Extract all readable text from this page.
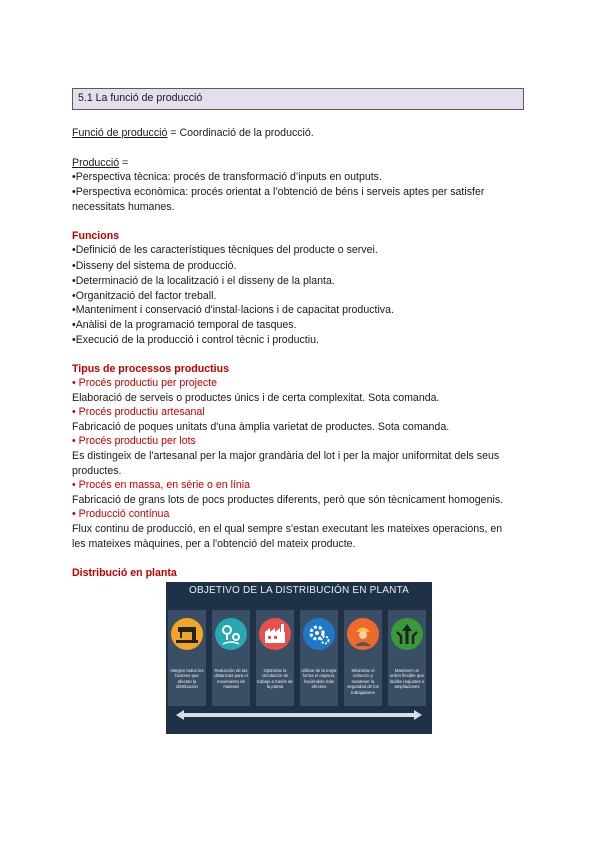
5.1 La funció de producció
Funció de producció = Coordinació de la producció.
Producció =
•Perspectiva tècnica: procés de transformació d’inputs en outputs.
•Perspectiva econòmica: procés orientat a l’obtenció de béns i serveis aptes per satisfer
necessitats humanes.
Funcions
•Definició de les característiques tècniques del producte o servei.
•Disseny del sistema de producció.
•Determinació de la localització i el disseny de la planta.
•Organització del factor treball.
•Manteniment i conservació d'instal·lacions i de capacitat productiva.
•Anàlisi de la programació temporal de tasques.
•Execució de la producció i control tècnic i productiu.
Tipus de processos productius
• Procés productiu per projecte
Elaboració de serveis o productes únics i de certa complexitat. Sota comanda.
• Procés productiu artesanal
Fabricació de poques unitats d'una àmplia varietat de productes. Sota comanda.
• Procés productiu per lots
Es distingeix de l'artesanal per la major grandària del lot i per la major uniformitat dels seus
productes.
• Procés en massa, en sèrie o en línia
Fabricació de grans lots de pocs productes diferents, però que són tècnicament homogenis.
• Producció contínua
Flux continu de producció, en el qual sempre s'estan executant les mateixes operacions, en
les mateixes màquines, per a l'obtenció del mateix producte.
Distribució en planta
OBJETIVO DE LA DISTRIBUCIÓN EN PLANTA
Integrar todos los factores que afectan la distribución
Reducción de las distancias para el movimiento de material
Optimizar la circulación de trabajo a través de la planta
Utilizar de la mejor forma el espacio, haciéndolo más efectivo
Minimizar el esfuerzo y mantener la seguridad de los trabajadores
Mantener un orden flexible que facilite reajustes o ampliaciones
